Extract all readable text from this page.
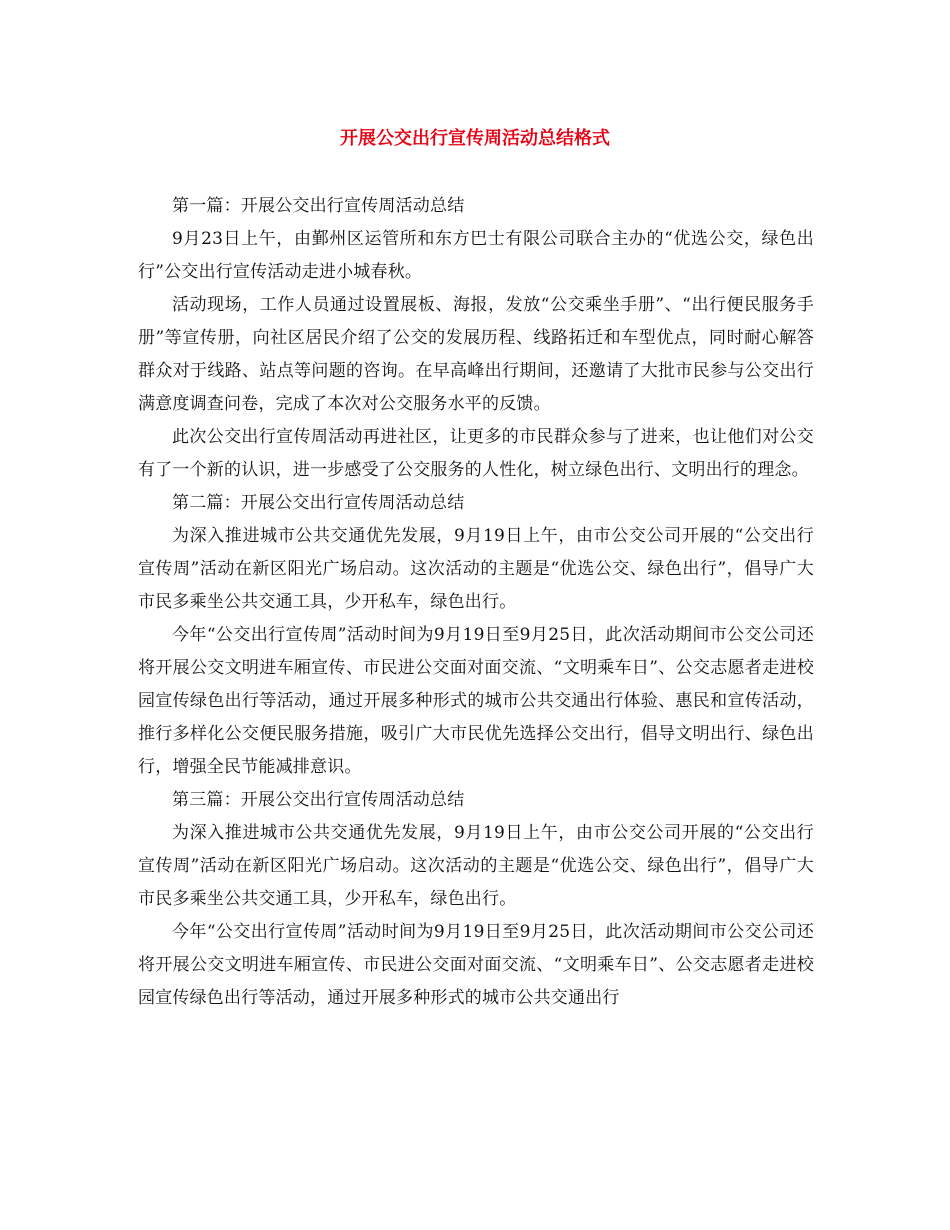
开展公交出行宣传周活动总结格式

第一篇：开展公交出行宣传周活动总结

9月23日上午，由鄞州区运管所和东方巴士有限公司联合主办的“优选公交，绿色出行”公交出行宣传活动走进小城春秋。

活动现场，工作人员通过设置展板、海报，发放“公交乘坐手册”、“出行便民服务手册”等宣传册，向社区居民介绍了公交的发展历程、线路拓迁和车型优点，同时耐心解答群众对于线路、站点等问题的咨询。在早高峰出行期间，还邀请了大批市民参与公交出行满意度调查问卷，完成了本次对公交服务水平的反馈。

此次公交出行宣传周活动再进社区，让更多的市民群众参与了进来，也让他们对公交有了一个新的认识，进一步感受了公交服务的人性化，树立绿色出行、文明出行的理念。

第二篇：开展公交出行宣传周活动总结

为深入推进城市公共交通优先发展，9月19日上午，由市公交公司开展的“公交出行宣传周”活动在新区阳光广场启动。这次活动的主题是“优选公交、绿色出行”，倡导广大市民多乘坐公共交通工具，少开私车，绿色出行。

今年“公交出行宣传周”活动时间为9月19日至9月25日，此次活动期间市公交公司还将开展公交文明进车厢宣传、市民进公交面对面交流、“文明乘车日”、公交志愿者走进校园宣传绿色出行等活动，通过开展多种形式的城市公共交通出行体验、惠民和宣传活动，推行多样化公交便民服务措施，吸引广大市民优先选择公交出行，倡导文明出行、绿色出行，增强全民节能减排意识。

第三篇：开展公交出行宣传周活动总结

为深入推进城市公共交通优先发展，9月19日上午，由市公交公司开展的“公交出行宣传周”活动在新区阳光广场启动。这次活动的主题是“优选公交、绿色出行”，倡导广大市民多乘坐公共交通工具，少开私车，绿色出行。

今年“公交出行宣传周”活动时间为9月19日至9月25日，此次活动期间市公交公司还将开展公交文明进车厢宣传、市民进公交面对面交流、“文明乘车日”、公交志愿者走进校园宣传绿色出行等活动，通过开展多种形式的城市公共交通出行
